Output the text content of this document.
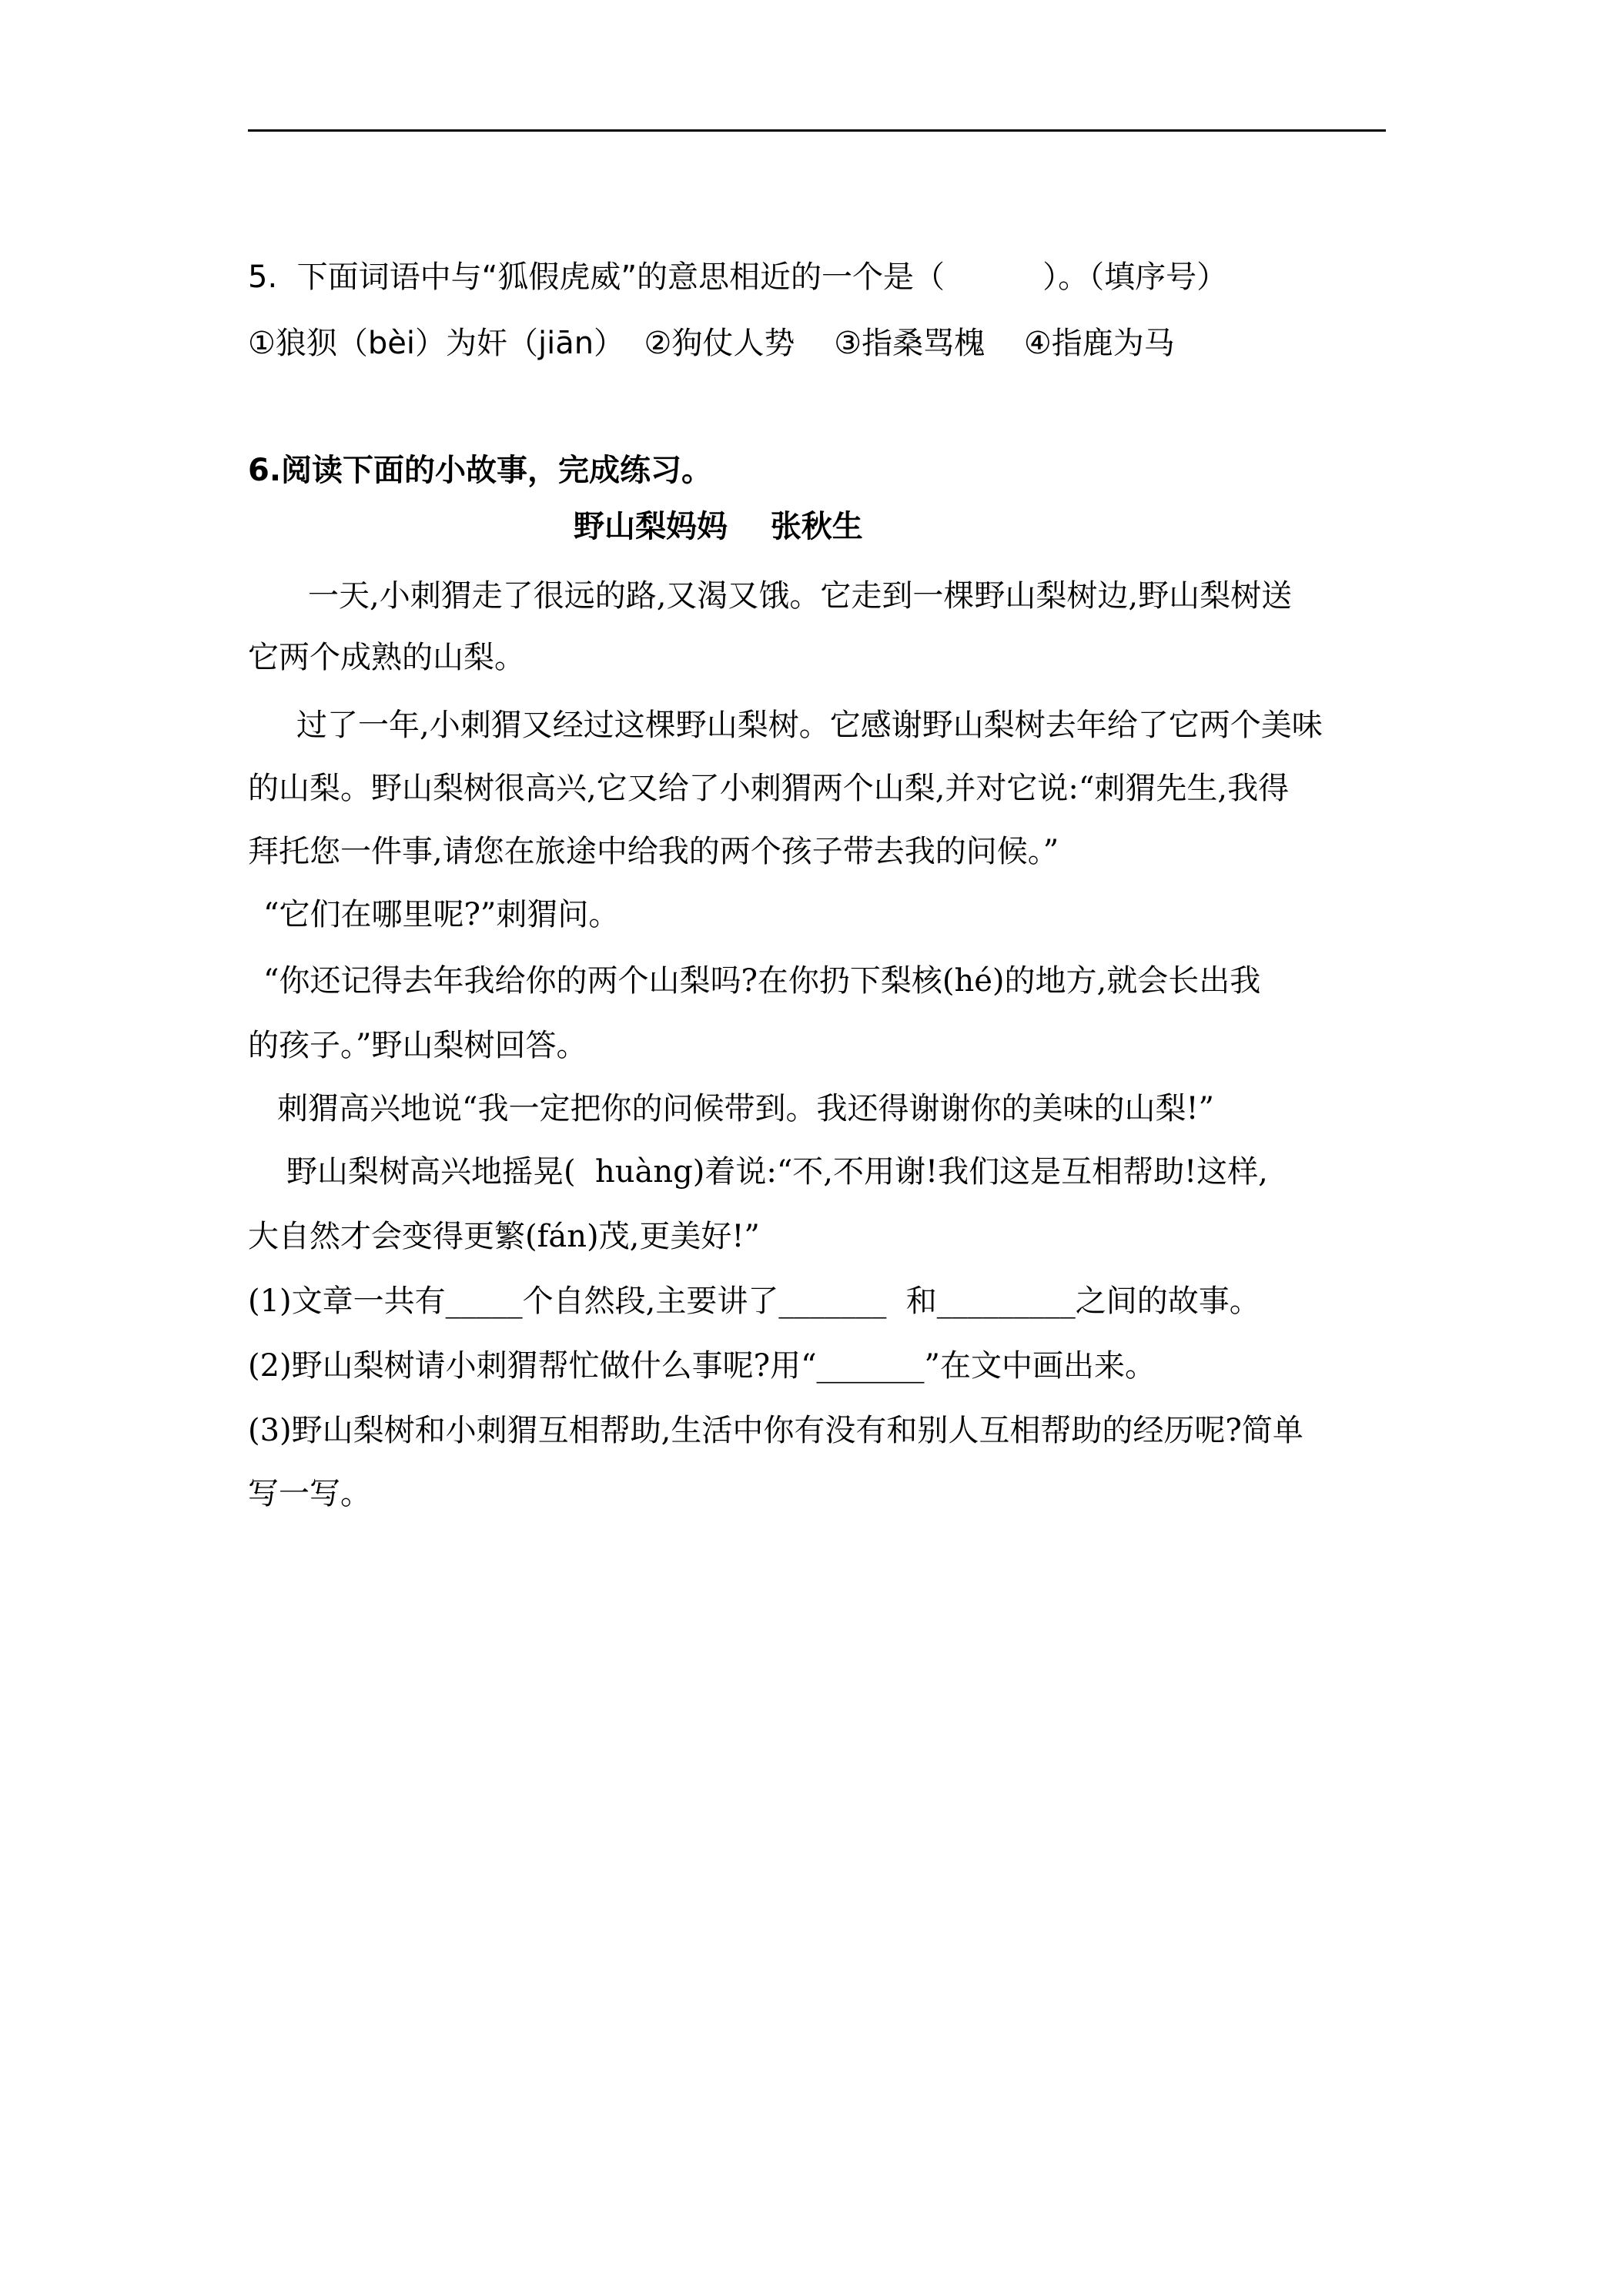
5.  下面词语中与“狐假虎威”的意思相近的一个是（          ）。（填序号）
①狼狈（bèi）为奸（jiān）  ②狗仗人势    ③指桑骂槐    ④指鹿为马
6.阅读下面的小故事，完成练习。
野山梨妈妈    张秋生
一天,小刺猬走了很远的路,又渴又饿。它走到一棵野山梨树边,野山梨树送
它两个成熟的山梨。
过了一年,小刺猬又经过这棵野山梨树。它感谢野山梨树去年给了它两个美味
的山梨。野山梨树很高兴,它又给了小刺猬两个山梨,并对它说:“刺猬先生,我得
拜托您一件事,请您在旅途中给我的两个孩子带去我的问候。”
“它们在哪里呢?”刺猬问。
“你还记得去年我给你的两个山梨吗?在你扔下梨核(hé)的地方,就会长出我
的孩子。”野山梨树回答。
刺猬高兴地说“我一定把你的问候带到。我还得谢谢你的美味的山梨!”
野山梨树高兴地摇晃(  huàng)着说:“不,不用谢!我们这是互相帮助!这样,
大自然才会变得更繁(fán)茂,更美好!”
(1)文章一共有_____个自然段,主要讲了_______  和_________之间的故事。
(2)野山梨树请小刺猬帮忙做什么事呢?用“_______”在文中画出来。
(3)野山梨树和小刺猬互相帮助,生活中你有没有和别人互相帮助的经历呢?简单
写一写。
